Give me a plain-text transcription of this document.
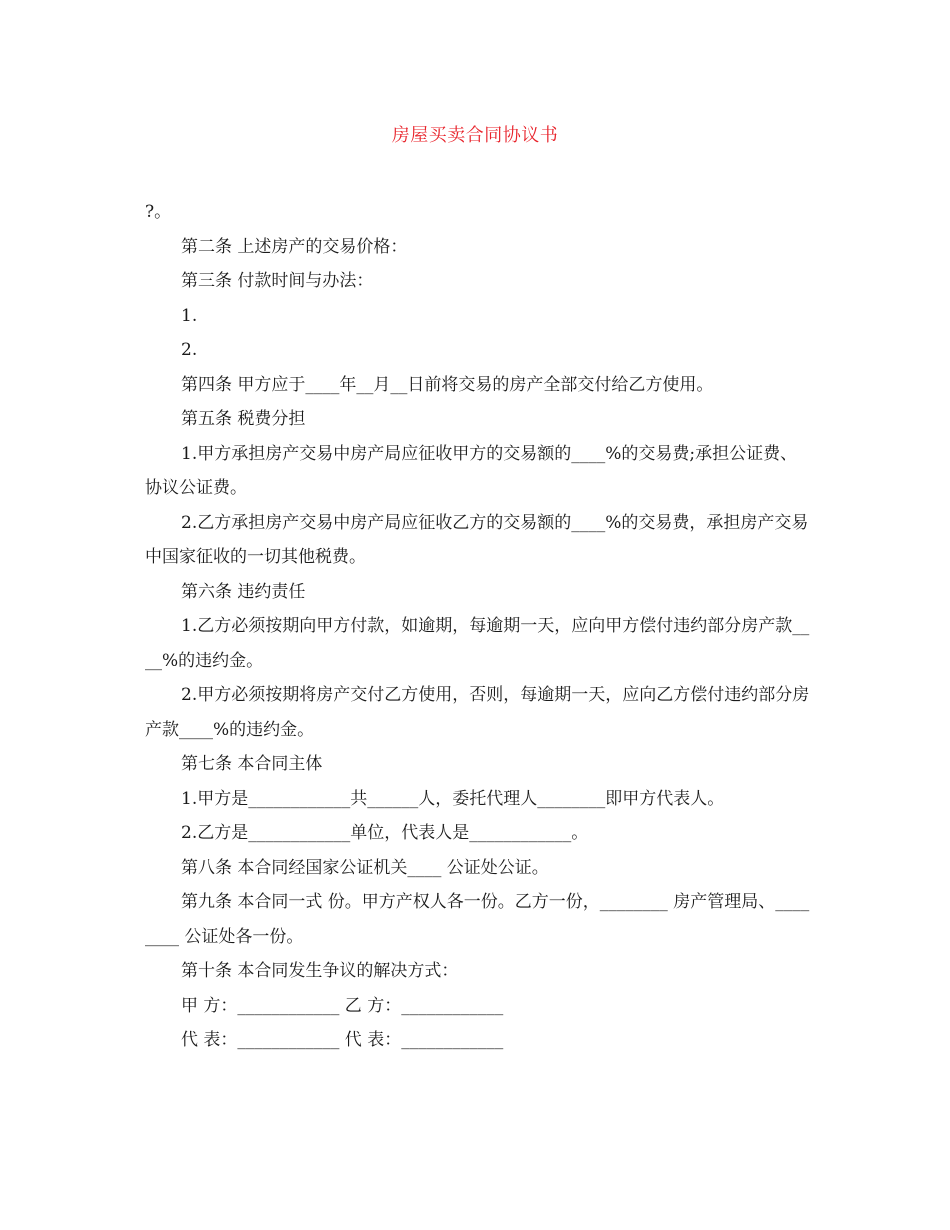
房屋买卖合同协议书

?。

第二条 上述房产的交易价格：

第三条 付款时间与办法：

1.

2.

第四条 甲方应于____年__月__日前将交易的房产全部交付给乙方使用。

第五条 税费分担

1.甲方承担房产交易中房产局应征收甲方的交易额的____%的交易费;承担公证费、协议公证费。

2.乙方承担房产交易中房产局应征收乙方的交易额的____%的交易费，承担房产交易中国家征收的一切其他税费。

第六条 违约责任

1.乙方必须按期向甲方付款，如逾期，每逾期一天，应向甲方偿付违约部分房产款____%的违约金。

2.甲方必须按期将房产交付乙方使用，否则，每逾期一天，应向乙方偿付违约部分房产款____%的违约金。

第七条 本合同主体

1.甲方是____________共______人，委托代理人________即甲方代表人。

2.乙方是____________单位，代表人是____________。

第八条 本合同经国家公证机关____ 公证处公证。

第九条 本合同一式 份。甲方产权人各一份。乙方一份，________ 房产管理局、________ 公证处各一份。

第十条 本合同发生争议的解决方式：

甲 方：____________ 乙 方：____________

代 表：____________ 代 表：____________
